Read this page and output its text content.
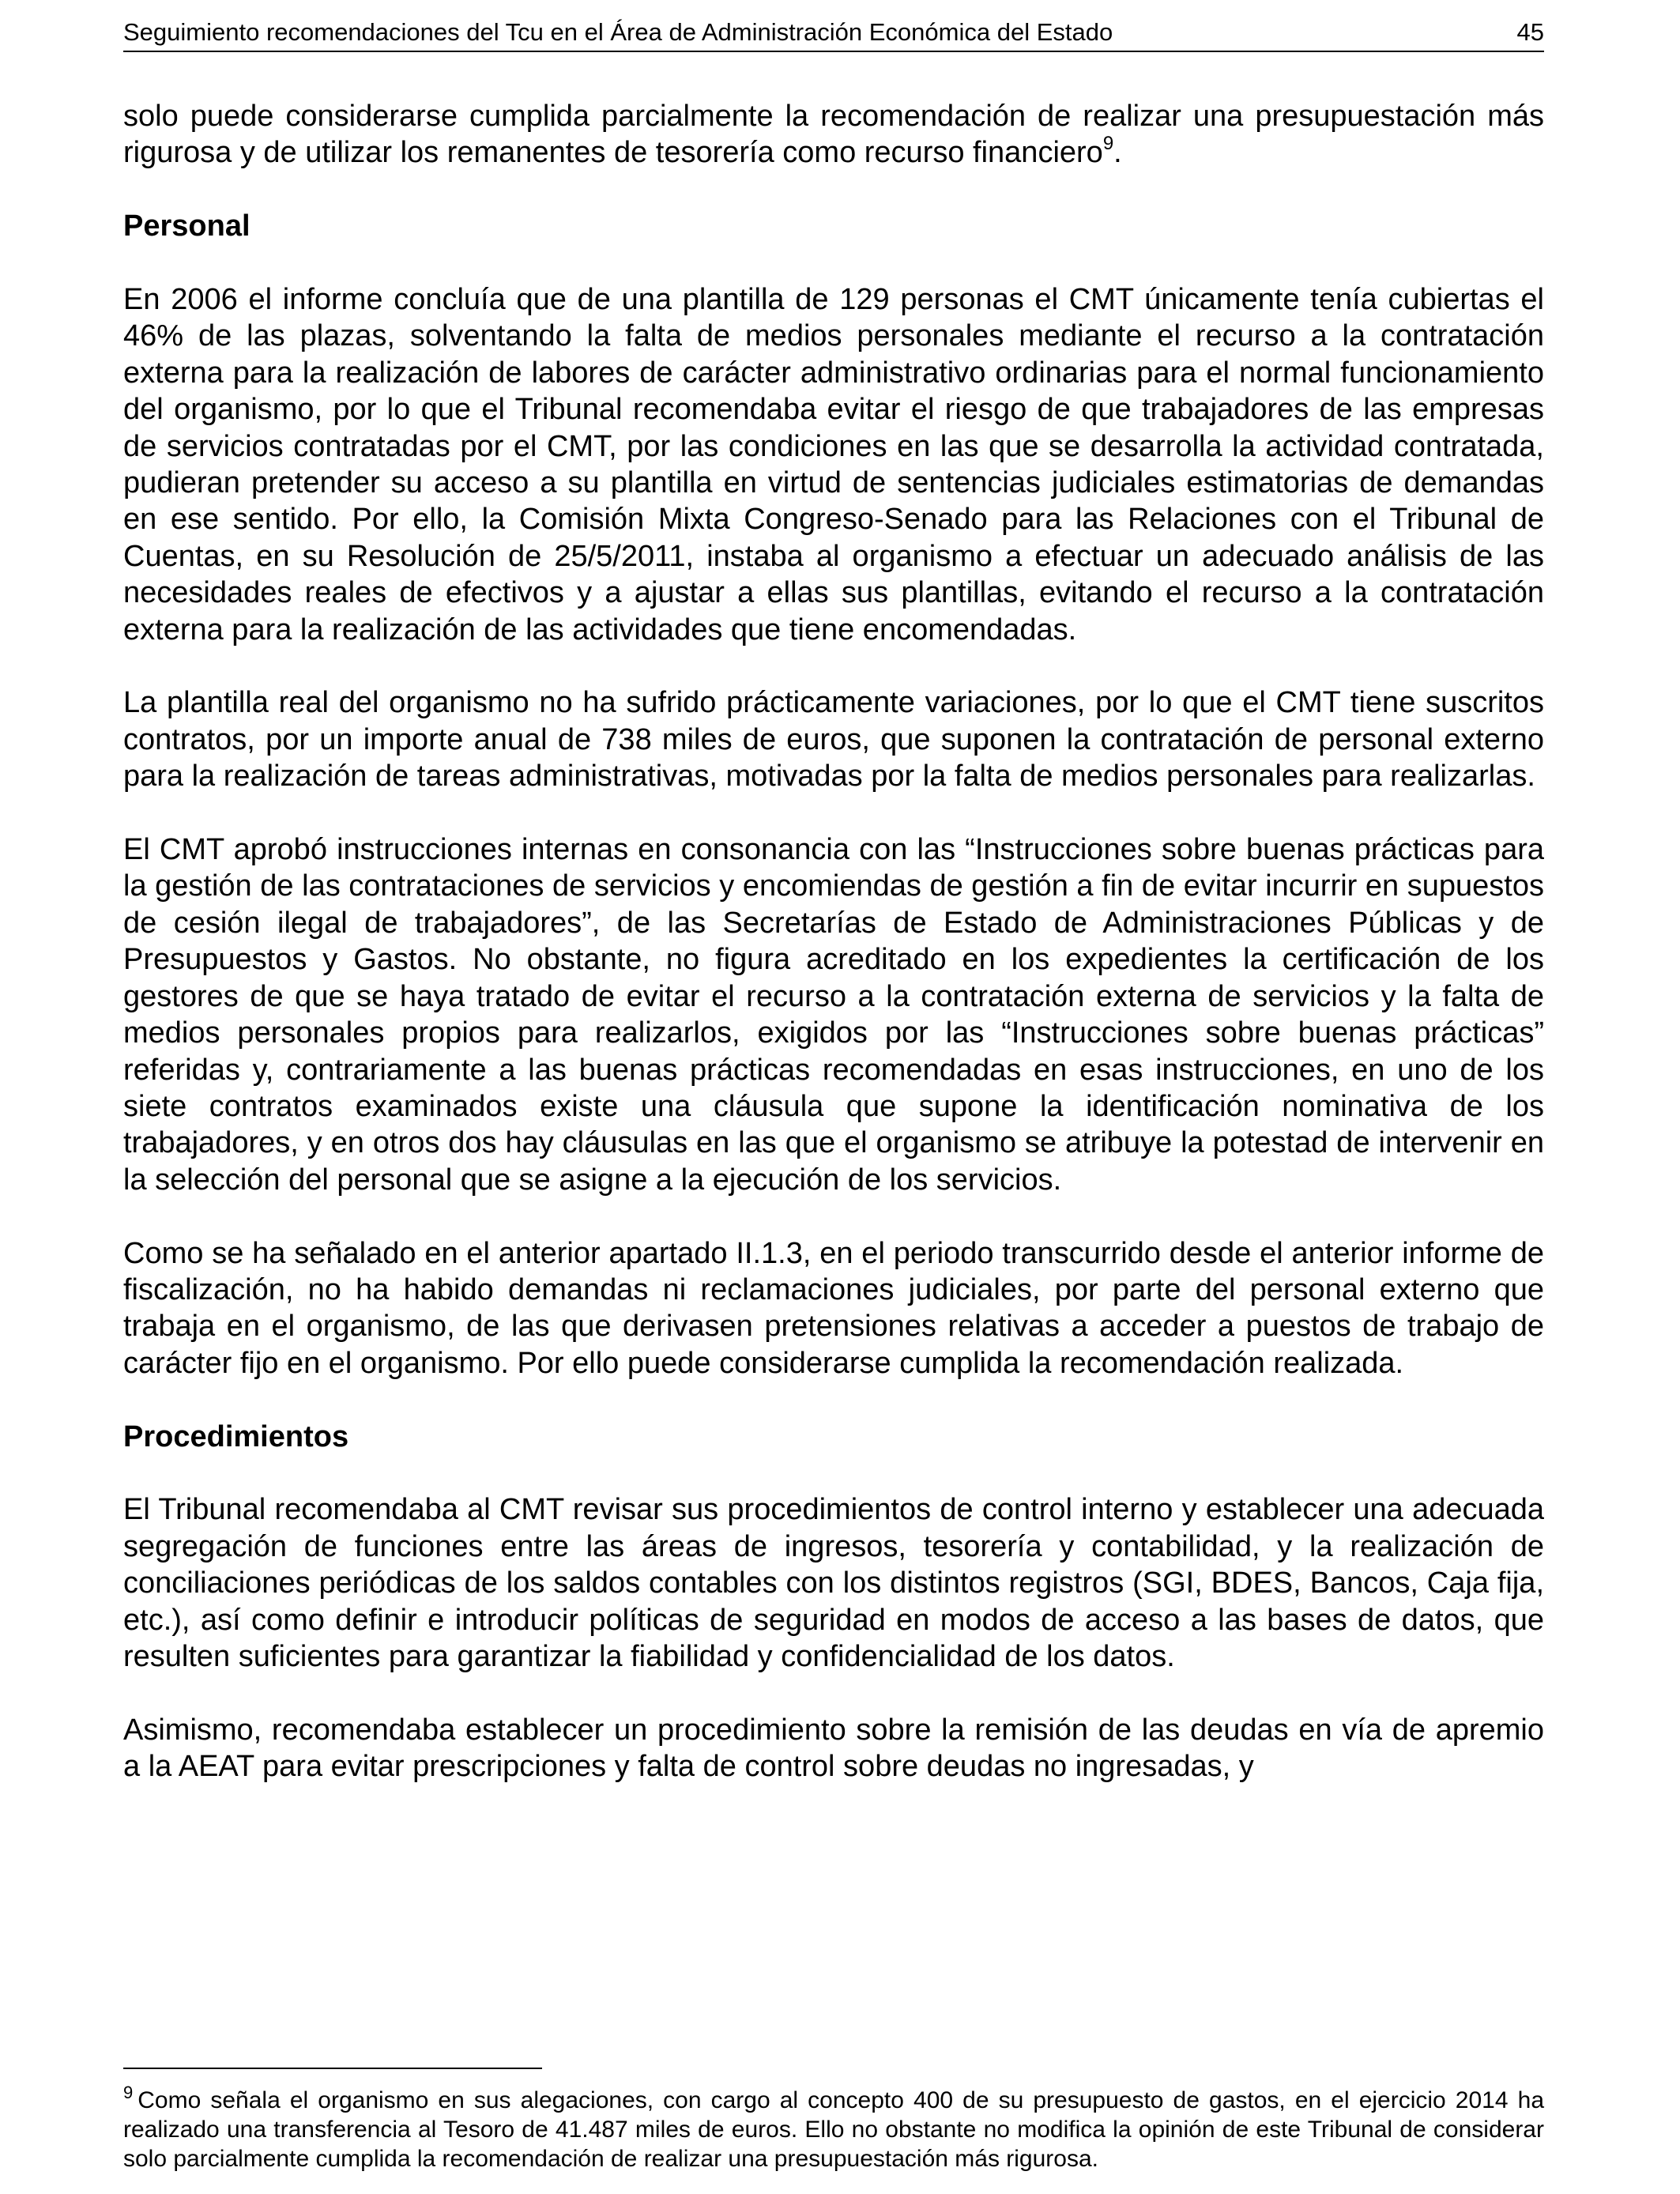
Seguimiento recomendaciones del Tcu en el Área de Administración Económica del Estado	45

solo puede considerarse cumplida parcialmente la recomendación de realizar una presupuestación más rigurosa y de utilizar los remanentes de tesorería como recurso financiero$^9$.

Personal

En 2006 el informe concluía que de una plantilla de 129 personas el CMT únicamente tenía cubiertas el 46% de las plazas, solventando la falta de medios personales mediante el recurso a la contratación externa para la realización de labores de carácter administrativo ordinarias para el normal funcionamiento del organismo, por lo que el Tribunal recomendaba evitar el riesgo de que trabajadores de las empresas de servicios contratadas por el CMT, por las condiciones en las que se desarrolla la actividad contratada, pudieran pretender su acceso a su plantilla en virtud de sentencias judiciales estimatorias de demandas en ese sentido. Por ello, la Comisión Mixta Congreso-Senado para las Relaciones con el Tribunal de Cuentas, en su Resolución de 25/5/2011, instaba al organismo a efectuar un adecuado análisis de las necesidades reales de efectivos y a ajustar a ellas sus plantillas, evitando el recurso a la contratación externa para la realización de las actividades que tiene encomendadas.

La plantilla real del organismo no ha sufrido prácticamente variaciones, por lo que el CMT tiene suscritos contratos, por un importe anual de 738 miles de euros, que suponen la contratación de personal externo para la realización de tareas administrativas, motivadas por la falta de medios personales para realizarlas.

El CMT aprobó instrucciones internas en consonancia con las “Instrucciones sobre buenas prácticas para la gestión de las contrataciones de servicios y encomiendas de gestión a fin de evitar incurrir en supuestos de cesión ilegal de trabajadores”, de las Secretarías de Estado de Administraciones Públicas y de Presupuestos y Gastos. No obstante, no figura acreditado en los expedientes la certificación de los gestores de que se haya tratado de evitar el recurso a la contratación externa de servicios y la falta de medios personales propios para realizarlos, exigidos por las “Instrucciones sobre buenas prácticas” referidas y, contrariamente a las buenas prácticas recomendadas en esas instrucciones, en uno de los siete contratos examinados existe una cláusula que supone la identificación nominativa de los trabajadores, y en otros dos hay cláusulas en las que el organismo se atribuye la potestad de intervenir en la selección del personal que se asigne a la ejecución de los servicios.

Como se ha señalado en el anterior apartado II.1.3, en el periodo transcurrido desde el anterior informe de fiscalización, no ha habido demandas ni reclamaciones judiciales, por parte del personal externo que trabaja en el organismo, de las que derivasen pretensiones relativas a acceder a puestos de trabajo de carácter fijo en el organismo. Por ello puede considerarse cumplida la recomendación realizada.

Procedimientos

El Tribunal recomendaba al CMT revisar sus procedimientos de control interno y establecer una adecuada segregación de funciones entre las áreas de ingresos, tesorería y contabilidad, y la realización de conciliaciones periódicas de los saldos contables con los distintos registros (SGI, BDES, Bancos, Caja fija, etc.), así como definir e introducir políticas de seguridad en modos de acceso a las bases de datos, que resulten suficientes para garantizar la fiabilidad y confidencialidad de los datos.

Asimismo, recomendaba establecer un procedimiento sobre la remisión de las deudas en vía de apremio a la AEAT para evitar prescripciones y falta de control sobre deudas no ingresadas, y

$^9$ Como señala el organismo en sus alegaciones, con cargo al concepto 400 de su presupuesto de gastos, en el ejercicio 2014 ha realizado una transferencia al Tesoro de 41.487 miles de euros. Ello no obstante no modifica la opinión de este Tribunal de considerar solo parcialmente cumplida la recomendación de realizar una presupuestación más rigurosa.
